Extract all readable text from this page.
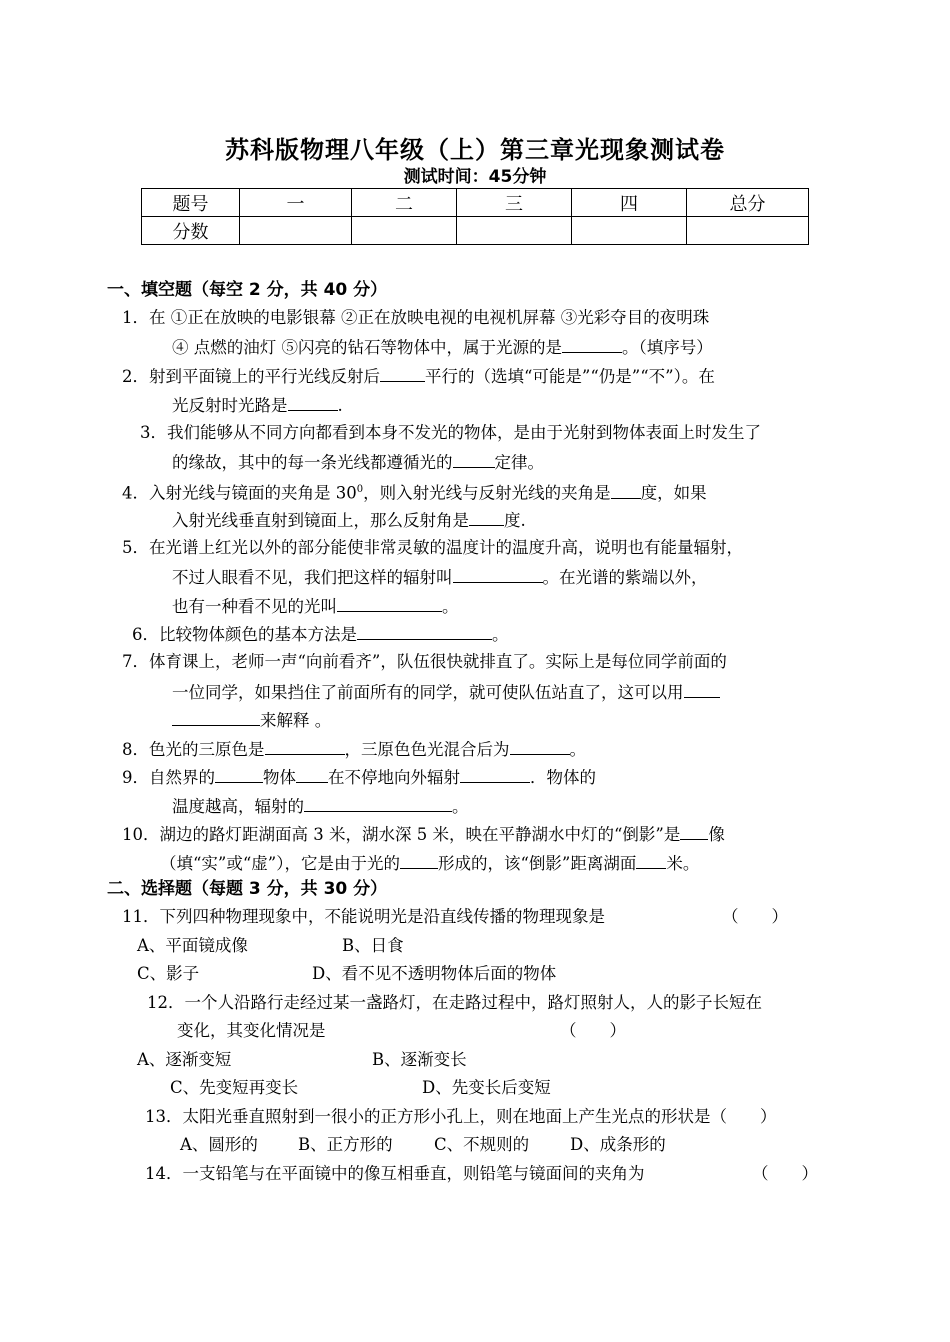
苏科版物理八年级（上）第三章光现象测试卷
测试时间：45分钟
题号	一	二	三	四	总分
分数					
一、填空题（每空 2 分，共 40 分）
1．在 ①正在放映的电影银幕 ②正在放映电视的电视机屏幕 ③光彩夺目的夜明珠
④ 点燃的油灯 ⑤闪亮的钻石等物体中，属于光源的是	。（填序号）
2．射到平面镜上的平行光线反射后	平行的（选填“可能是”“仍是”“不”）。在
光反射时光路是	.
3．我们能够从不同方向都看到本身不发光的物体，是由于光射到物体表面上时发生了
的缘故，其中的每一条光线都遵循光的	定律。
4．入射光线与镜面的夹角是 $30^0$，则入射光线与反射光线的夹角是 度，如果
入射光线垂直射到镜面上，那么反射角是 度.
5．在光谱上红光以外的部分能使非常灵敏的温度计的温度升高，说明也有能量辐射，
不过人眼看不见，我们把这样的辐射叫	。在光谱的紫端以外，
也有一种看不见的光叫	。
6．比较物体颜色的基本方法是	。
7．体育课上，老师一声“向前看齐”，队伍很快就排直了。实际上是每位同学前面的
一位同学，如果挡住了前面所有的同学，就可使队伍站直了，这可以用
来解释 。
8．色光的三原色是	，三原色色光混合后为	。
9．自然界的	物体 在不停地向外辐射	．物体的
温度越高，辐射的	。
10．湖边的路灯距湖面高 3 米，湖水深 5 米，映在平静湖水中灯的“倒影”是 像
（填“实”或“虚”），它是由于光的 形成的，该“倒影”距离湖面 米。
二、选择题（每题 3 分，共 30 分）
11．下列四种物理现象中，不能说明光是沿直线传播的物理现象是	（　　）
A、平面镜成像	B、日食
C、影子	D、看不见不透明物体后面的物体
12．一个人沿路行走经过某一盏路灯，在走路过程中，路灯照射人，人的影子长短在
变化，其变化情况是	（　　）
A、逐渐变短	B、逐渐变长
C、先变短再变长	D、先变长后变短
13．太阳光垂直照射到一很小的正方形小孔上，则在地面上产生光点的形状是（　　）
A、圆形的 B、正方形的	C、不规则的 D、成条形的
14．一支铅笔与在平面镜中的像互相垂直，则铅笔与镜面间的夹角为	（　　）
